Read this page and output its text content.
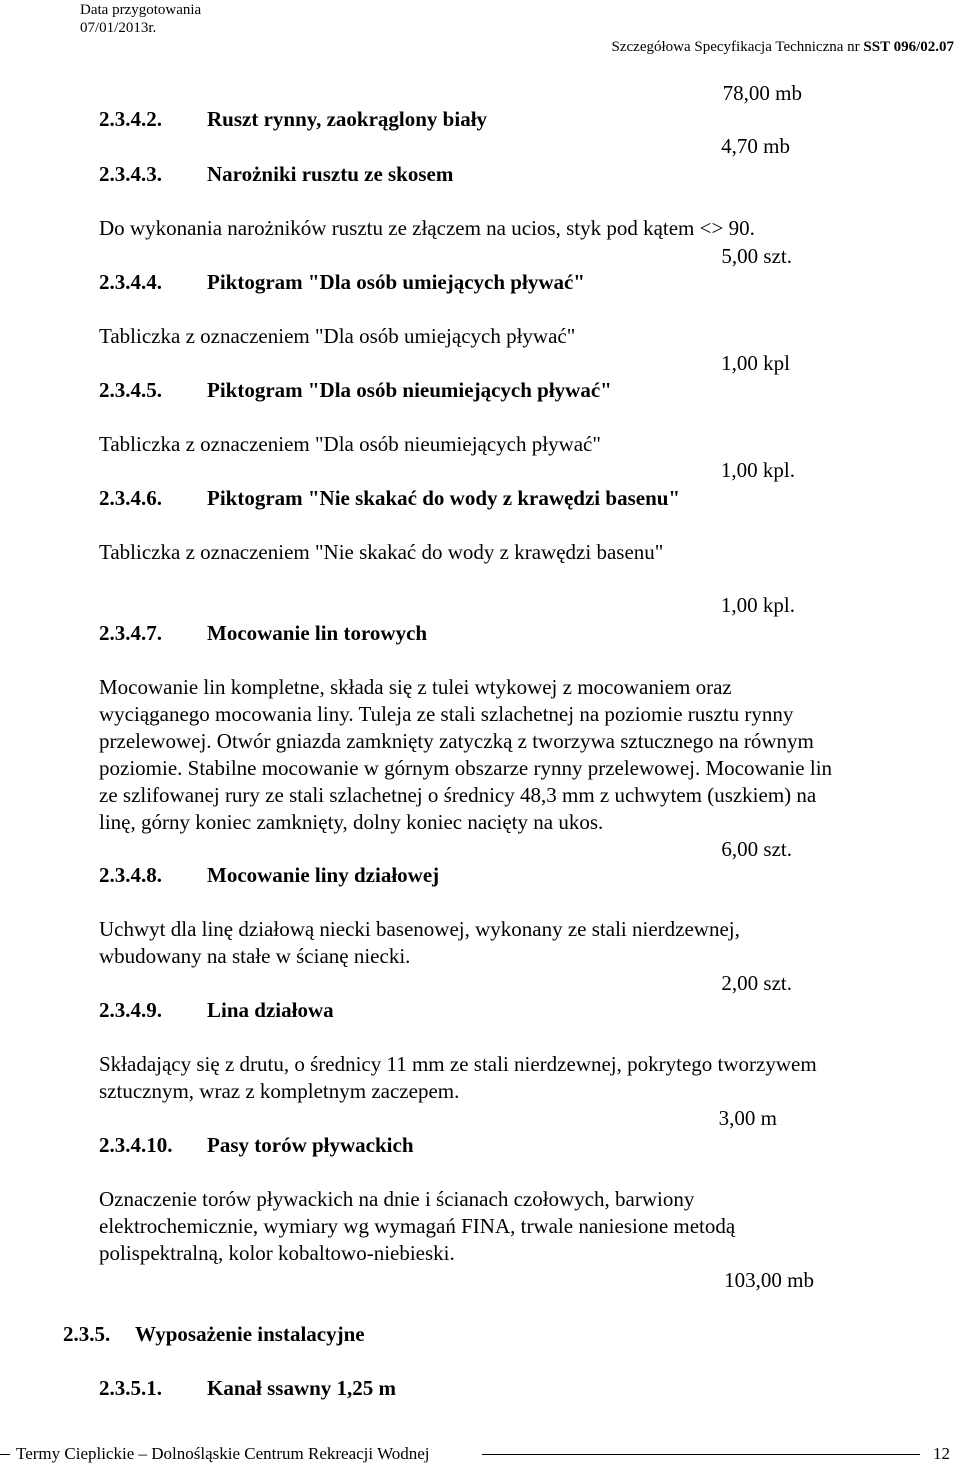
Data przygotowania
07/01/2013r.
Szczegółowa Specyfikacja Techniczna nr SST 096/02.07
78,00 mb
2.3.4.2. Ruszt rynny, zaokrąglony biały
4,70 mb
2.3.4.3. Narożniki rusztu ze skosem
Do wykonania narożników rusztu ze złączem na ucios, styk pod kątem <> 90.
5,00 szt.
2.3.4.4. Piktogram "Dla osób umiejących pływać"
Tabliczka z oznaczeniem "Dla osób umiejących pływać"
1,00 kpl
2.3.4.5. Piktogram "Dla osób nieumiejących pływać"
Tabliczka z oznaczeniem "Dla osób nieumiejących pływać"
1,00 kpl.
2.3.4.6. Piktogram "Nie skakać do wody z krawędzi basenu"
Tabliczka z oznaczeniem "Nie skakać do wody z krawędzi basenu"
1,00 kpl.
2.3.4.7. Mocowanie lin torowych
Mocowanie lin kompletne, składa się z tulei wtykowej z mocowaniem oraz
wyciąganego mocowania liny. Tuleja ze stali szlachetnej na poziomie rusztu rynny
przelewowej. Otwór gniazda zamknięty zatyczką z tworzywa sztucznego na równym
poziomie. Stabilne mocowanie w górnym obszarze rynny przelewowej. Mocowanie lin
ze szlifowanej rury ze stali szlachetnej o średnicy 48,3 mm z uchwytem (uszkiem) na
linę, górny koniec zamknięty, dolny koniec nacięty na ukos.
6,00 szt.
2.3.4.8. Mocowanie liny działowej
Uchwyt dla linę działową niecki basenowej, wykonany ze stali nierdzewnej,
wbudowany na stałe w ścianę niecki.
2,00 szt.
2.3.4.9. Lina działowa
Składający się z drutu, o średnicy 11 mm ze stali nierdzewnej, pokrytego tworzywem
sztucznym, wraz z kompletnym zaczepem.
3,00 m
2.3.4.10. Pasy torów pływackich
Oznaczenie torów pływackich na dnie i ścianach czołowych, barwiony
elektrochemicznie, wymiary wg wymagań FINA, trwale naniesione metodą
polispektralną, kolor kobaltowo-niebieski.
103,00 mb
2.3.5. Wyposażenie instalacyjne
2.3.5.1. Kanał ssawny 1,25 m
Termy Cieplickie – Dolnośląskie Centrum Rekreacji Wodnej	12
